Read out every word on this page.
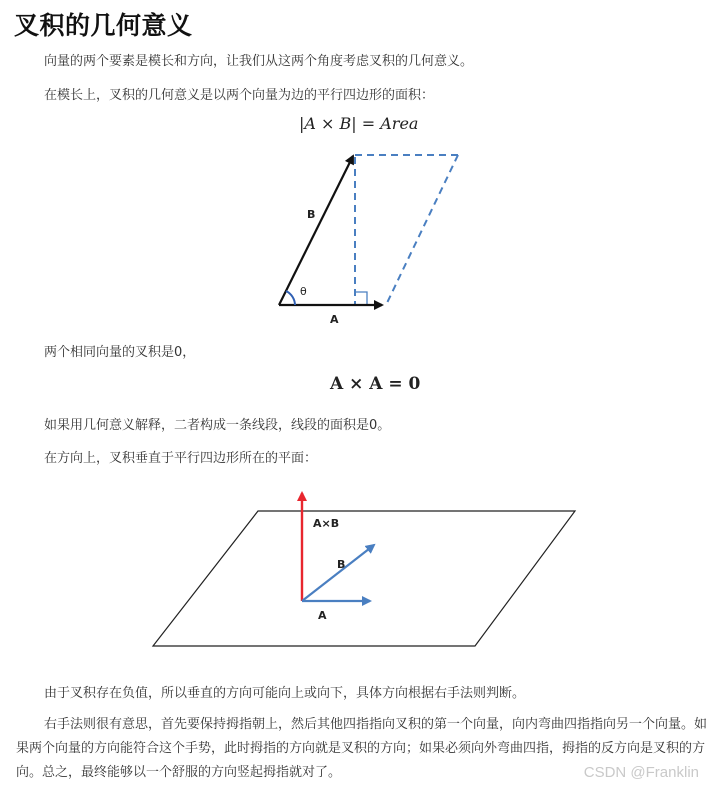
叉积的几何意义
向量的两个要素是模长和方向，让我们从这两个角度考虑叉积的几何意义。
在模长上，叉积的几何意义是以两个向量为边的平行四边形的面积：
|A × B| = Area
B
θ
A
两个相同向量的叉积是0，
A × A = 0
如果用几何意义解释，二者构成一条线段，线段的面积是0。
在方向上，叉积垂直于平行四边形所在的平面：
A×B
B
A
由于叉积存在负值，所以垂直的方向可能向上或向下，具体方向根据右手法则判断。
右手法则很有意思，首先要保持拇指朝上，然后其他四指指向叉积的第一个向量，向内弯曲四指指向另一个向量。如果两个向量的方向能符合这个手势，此时拇指的方向就是叉积的方向；如果必须向外弯曲四指，拇指的反方向是叉积的方向。总之，最终能够以一个舒服的方向竖起拇指就对了。	CSDN @Franklin
